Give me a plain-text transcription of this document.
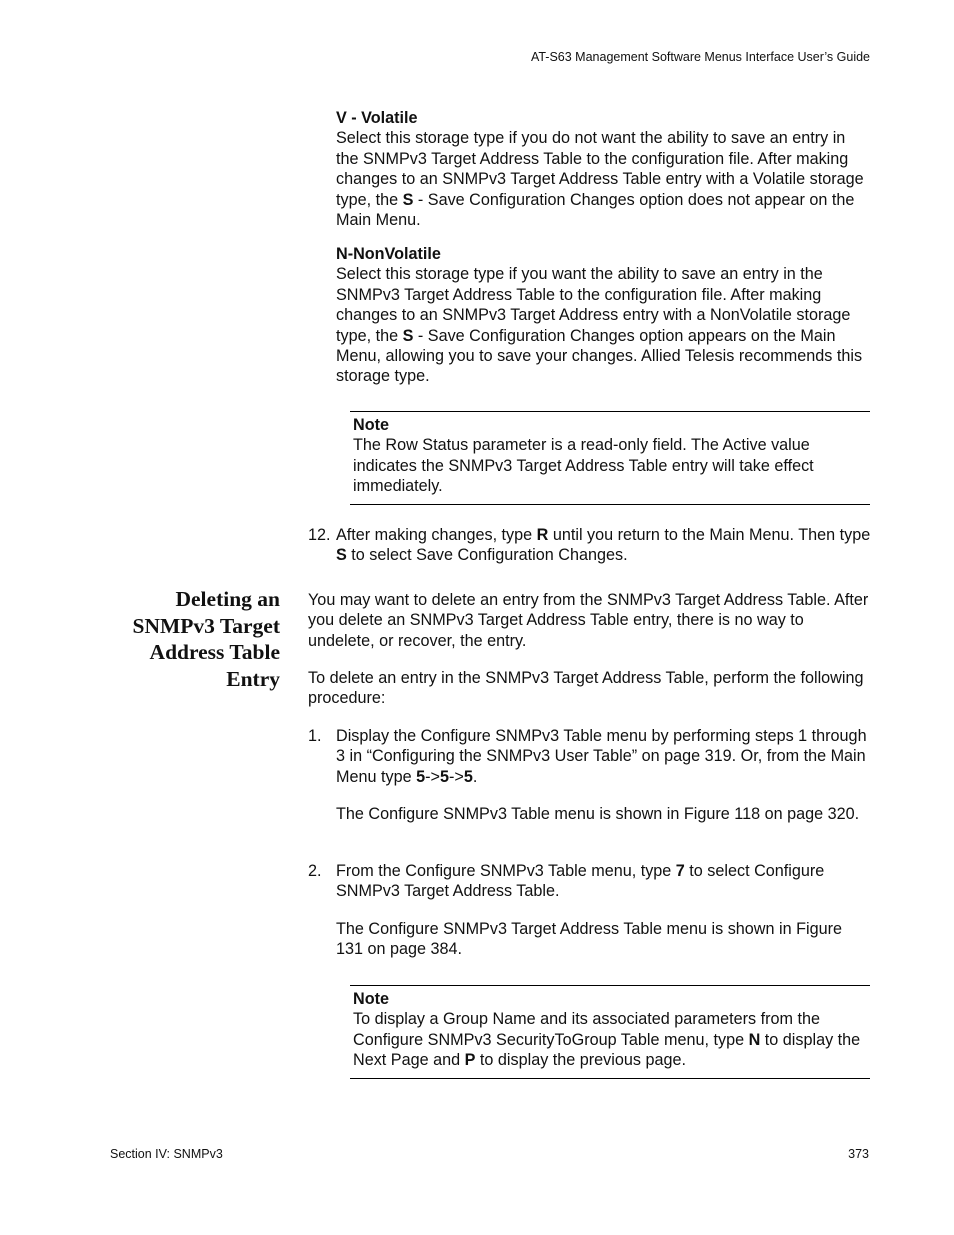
AT-S63 Management Software Menus Interface User’s Guide

V - Volatile

Select this storage type if you do not want the ability to save an entry in the SNMPv3 Target Address Table to the configuration file. After making changes to an SNMPv3 Target Address Table entry with a Volatile storage type, the S - Save Configuration Changes option does not appear on the Main Menu.

N-NonVolatile

Select this storage type if you want the ability to save an entry in the SNMPv3 Target Address Table to the configuration file. After making changes to an SNMPv3 Target Address entry with a NonVolatile storage type, the S - Save Configuration Changes option appears on the Main Menu, allowing you to save your changes. Allied Telesis recommends this storage type.

Note
The Row Status parameter is a read-only field. The Active value indicates the SNMPv3 Target Address Table entry will take effect immediately.
12. After making changes, type R until you return to the Main Menu. Then type S to select Save Configuration Changes.
Deleting an SNMPv3 Target Address Table Entry
You may want to delete an entry from the SNMPv3 Target Address Table. After you delete an SNMPv3 Target Address Table entry, there is no way to undelete, or recover, the entry.
To delete an entry in the SNMPv3 Target Address Table, perform the following procedure:
1. Display the Configure SNMPv3 Table menu by performing steps 1 through 3 in “Configuring the SNMPv3 User Table” on page 319. Or, from the Main Menu type 5->5->5.
The Configure SNMPv3 Table menu is shown in Figure 118 on page 320.
2. From the Configure SNMPv3 Table menu, type 7 to select Configure SNMPv3 Target Address Table.
The Configure SNMPv3 Target Address Table menu is shown in Figure 131 on page 384.
Note
To display a Group Name and its associated parameters from the Configure SNMPv3 SecurityToGroup Table menu, type N to display the Next Page and P to display the previous page.
Section IV: SNMPv3	373
